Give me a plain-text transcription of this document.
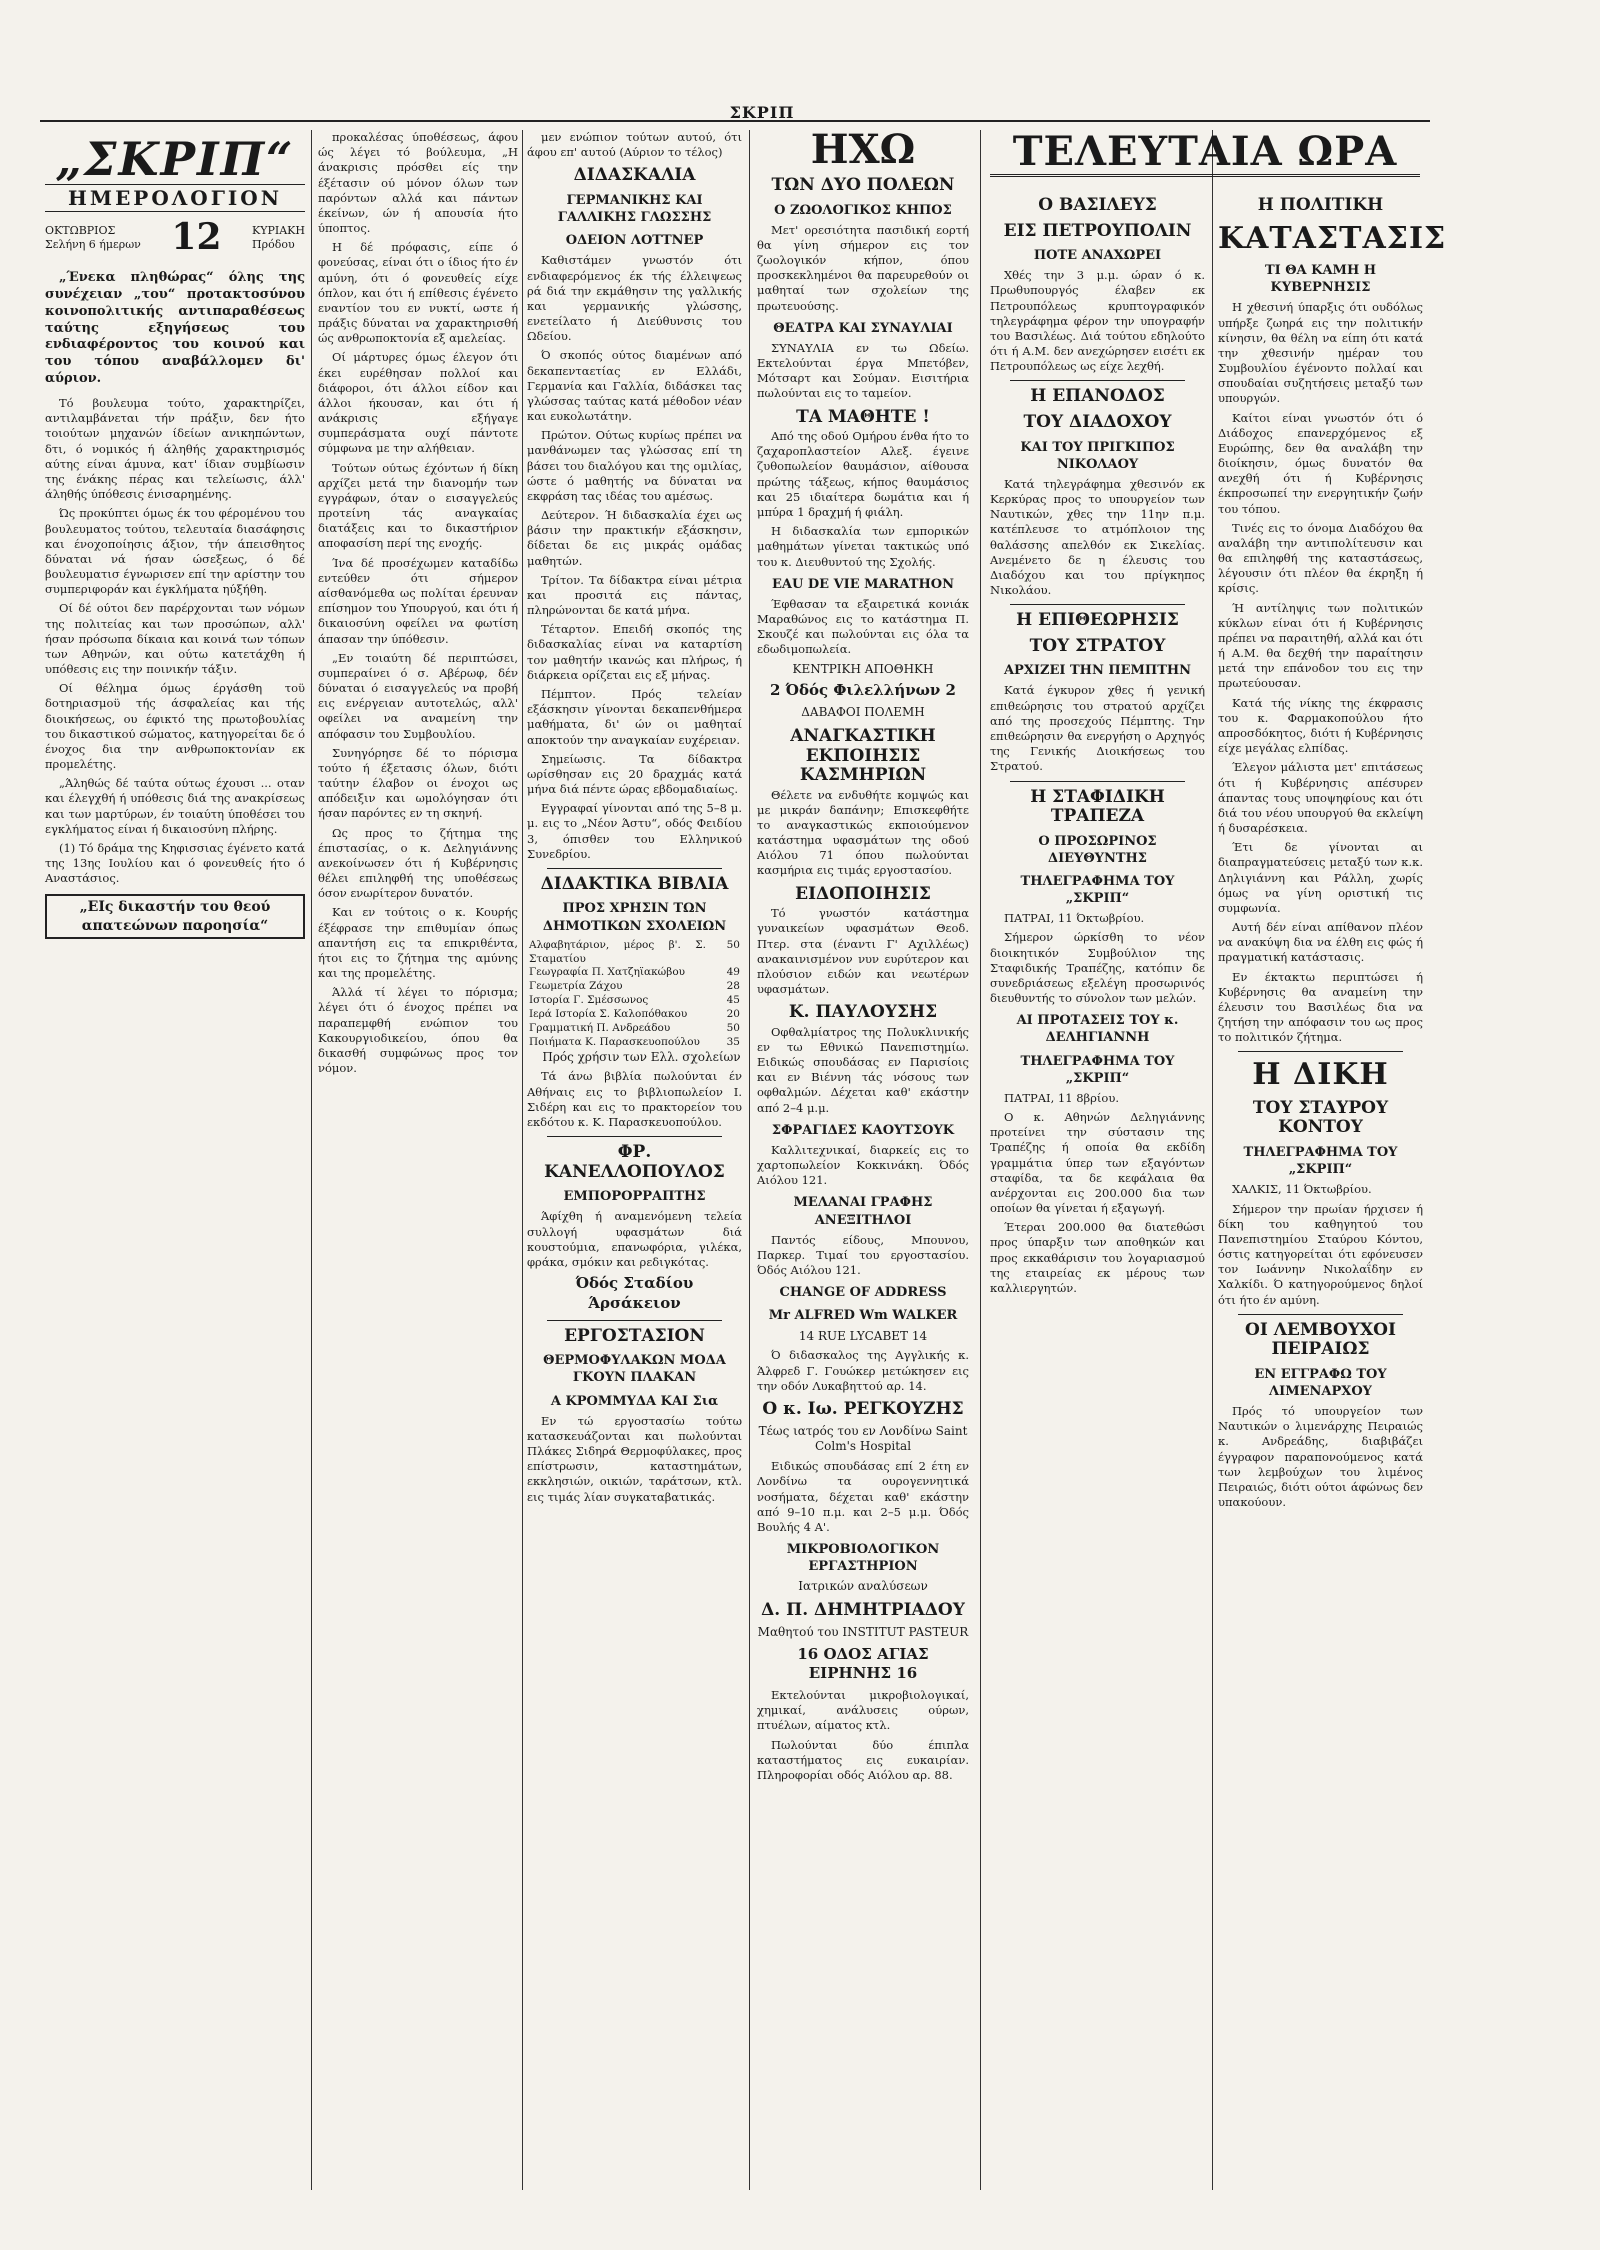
ΣΚΡΙΠ
„ΣΚΡΙΠ“
ΗΜΕΡΟΛΟΓΙΟΝ
ΟΚΤΩΒΡΙΟΣ
Σελήνη 6 ήμερων 12	ΚΥΡΙΑΚΗ
Πρόδου
„Ένεκα πληθώρας“ όλης της συνέχειαν „του“ προτακτοσύνου κοινοπολιτικής αντιπαραθέσεως ταύτης εξηγήσεως του ενδιαφέροντος του κοινού και του τόπου αναβάλλομεν δι' αύριον.

Τό βουλευμα τούτο, χαρακτηρίζει, αντιλαμβάνεται τήν πράξιν, δεν ήτο τοιούτων μηχανών ίδείων ανικηπώντων, δτι, ό νομικός ή άληθής χαρακτηρισμός αύτης είναι άμυνα, κατ' ίδιαν συμβίωσιν της ένάκης πέρας και τελείωσις, άλλ' άληθής ύπόθεσις ένισαρημένης.

Ώς προκύπτει όμως έκ του φέρομένου του βουλευματος τούτου, τελευταία διασάφησις και ένοχοποίησις άξιον, τήν άπεισθητος δύναται νά ήσαν ώσεξεως, ό δέ βουλευματισ έγνωρισεν επί την αρίστην του συμπεριφοράν και έγκλήματα ηύξήθη.

Οί δέ ούτοι δεν παρέρχονται των νόμων της πολιτείας και των προσώπων, αλλ' ήσαν πρόσωπα δίκαια και κοινά των τόπων των Αθηνών, και ούτω κατετάχθη ή υπόθεσις εις την ποινικήν τάξιν.

Οί θέλημα όμως έργάσθη τοϋ δοτηριασμοϋ τής άσφαλείας και τής διοικήσεως, ου έφικτό της πρωτοβουλίας του δικαστικού σώματος, κατηγορείται δε ό ένοχος δια την ανθρωποκτονίαν εκ προμελέτης.

„Άληθώς δέ ταύτα ούτως έχουσι ... οταν και έλεγχθή ή υπόθεσις διά της ανακρίσεως και των μαρτύρων, έν τοιαύτη ύποθέσει του εγκλήματος είναι ή δικαιοσύνη πλήρης.

(1) Τό δράμα της Κηφισσιας έγένετο κατά της 13ης Ιουλίου και ό φονευθείς ήτο ό Αναστάσιος.

„ΕΙς δικαστήν του θεού απατεώνων παροησία“

προκαλέσας ύποθέσεως, άφου ώς λέγει τό βούλευμα, „Η άνακρισις πρόσθει είς την έξέτασιν ού μόνον όλων των παρόντων αλλά και πάντων έκείνων, ών ή απουσία ήτο ύποπτος.

Η δέ πρόφασις, είπε ό φονεύσας, είναι ότι ο ίδιος ήτο έν αμύνη, ότι ό φονευθείς είχε όπλον, και ότι ή επίθεσις έγένετο εναντίον του εν νυκτί, ωστε ή πράξις δύναται να χαρακτηρισθή ώς ανθρωποκτονία εξ αμελείας.

Οί μάρτυρες όμως έλεγον ότι έκει ευρέθησαν πολλοί και διάφοροι, ότι άλλοι είδον και άλλοι ήκουσαν, και ότι ή ανάκρισις εξήγαγε συμπεράσματα ουχί πάντοτε σύμφωνα με την αλήθειαν.

Τούτων ούτως έχόντων ή δίκη αρχίζει μετά την διανομήν των εγγράφων, όταν ο εισαγγελεύς προτείνη τάς αναγκαίας διατάξεις και το δικαστήριον αποφασίση περί της ενοχής.

Ίνα δέ προσέχωμεν καταδίδω εντεύθεν ότι σήμερον αίσθανόμεθα ως πολίται έρευναν επίσημον του Υπουργού, και ότι ή δικαιοσύνη οφείλει να φωτίση άπασαν την ύπόθεσιν.

„Εν τοιαύτη δέ περιπτώσει, συμπεραίνει ό σ. Αβέρωφ, δέν δύναται ό εισαγγελεύς να προβή εις ενέργειαν αυτοτελώς, αλλ' οφείλει να αναμείνη την απόφασιν του Συμβουλίου.

Συνηγόρησε δέ το πόρισμα τούτο ή έξετασις όλων, διότι ταύτην έλαβον οι ένοχοι ως απόδειξιν και ωμολόγησαν ότι ήσαν παρόντες εν τη σκηνή.

Ως προς το ζήτημα της έπιστασίας, ο κ. Δεληγιάννης ανεκοίνωσεν ότι ή Κυβέρνησις θέλει επιληφθή της υποθέσεως όσον ενωρίτερον δυνατόν.

Και εν τούτοις ο κ. Κουρής έξέφρασε την επιθυμίαν όπως απαντήση εις τα επικριθέντα, ήτοι εις το ζήτημα της αμύνης και της προμελέτης.

Άλλά τί λέγει το πόρισμα; λέγει ότι ό ένοχος πρέπει να παραπεμφθή ενώπιον του Κακουργιοδικείου, όπου θα δικασθή συμφώνως προς τον νόμον.

μεν ενώπιον τούτων αυτού, ότι άφου επ' αυτού (Αύριον το τέλος)

ΔΙΔΑΣΚΑΛΙΑ
ΓΕΡΜΑΝΙΚΗΣ ΚΑΙ ΓΑΛΛΙΚΗΣ ΓΛΩΣΣΗΣ
ΟΔΕΙΟΝ ΛΟΤΤΝΕΡ

Καθιστάμεν γνωστόν ότι ενδιαφερόμενος έκ τής έλλειψεως ρά διά την εκμάθησιν της γαλλικής και γερμανικής γλώσσης, ενετείλατο ή Διεύθυνσις του Ωδείου.

Ό σκοπός ούτος διαμένων από δεκαπενταετίας εν Ελλάδι, Γερμανία και Γαλλία, διδάσκει τας γλώσσας ταύτας κατά μέθοδον νέαν και ευκολωτάτην.

Πρώτον. Ούτως κυρίως πρέπει να μανθάνωμεν τας γλώσσας επί τη βάσει του διαλόγου και της ομιλίας, ώστε ό μαθητής να δύναται να εκφράση τας ιδέας του αμέσως.

Δεύτερον. Ή διδασκαλία έχει ως βάσιν την πρακτικήν εξάσκησιν, δίδεται δε εις μικράς ομάδας μαθητών.

Τρίτον. Τα δίδακτρα είναι μέτρια και προσιτά εις πάντας, πληρώνονται δε κατά μήνα.

Τέταρτον. Επειδή σκοπός της διδασκαλίας είναι να καταρτίση τον μαθητήν ικανώς και πλήρως, ή διάρκεια ορίζεται εις εξ μήνας.

Πέμπτον. Πρός τελείαν εξάσκησιν γίνονται δεκαπενθήμερα μαθήματα, δι' ών οι μαθηταί αποκτούν την αναγκαίαν ευχέρειαν.

Σημείωσις. Τα δίδακτρα ωρίσθησαν εις 20 δραχμάς κατά μήνα διά πέντε ώρας εβδομαδιαίως.

Εγγραφαί γίνονται από της 5–8 μ. μ. εις το „Νέον Άστυ“, οδός Φειδίου 3, όπισθεν του Ελληνικού Συνεδρίου.

ΔΙΔΑΚΤΙΚΑ ΒΙΒΛΙΑ
ΠΡΟΣ ΧΡΗΣΙΝ ΤΩΝ ΔΗΜΟΤΙΚΩΝ ΣΧΟΛΕΙΩΝ
Αλφαβητάριον, μέρος β'. Σ. Σταματίου	50
Γεωγραφία Π. Χατζηϊακώβου	49
Γεωμετρία Ζάχου	28
Ιστορία Γ. Σμέσσωνος	45
Ιερά Ιστορία Σ. Καλοπόθακου	20
Γραμματική Π. Ανδρεάδου	50
Ποιήματα Κ. Παρασκευοπούλου	35

Πρός χρήσιν των Ελλ. σχολείων

Τά άνω βιβλία πωλούνται έν Αθήναις εις το βιβλιοπωλείον Ι. Σιδέρη και εις το πρακτορείον του εκδότου κ. Κ. Παρασκευοπούλου.

ΦΡ. ΚΑΝΕΛΛΟΠΟΥΛΟΣ
ΕΜΠΟΡΟΡΡΑΠΤΗΣ

Άφίχθη ή αναμενόμενη τελεία συλλογή υφασμάτων διά κουστούμια, επανωφόρια, γιλέκα, φράκα, σμόκιν και ρεδιγκότας.

Όδός Σταδίου Άρσάκειον
ΕΡΓΟΣΤΑΣΙΟΝ
ΘΕΡΜΟΦΥΛΑΚΩΝ ΜΟΔΑ ΓΚΟΥΝ ΠΛΑΚΑΝ
Α ΚΡΟΜΜΥΔΑ ΚΑΙ Σια

Εν τώ εργοστασίω τούτω κατασκευάζονται και πωλούνται Πλάκες Σιδηρά Θερμοφύλακες, προς επίστρωσιν, καταστημάτων, εκκλησιών, οικιών, ταράτσων, κτλ. εις τιμάς λίαν συγκαταβατικάς.

ΗΧΩ
ΤΩΝ ΔΥΟ ΠΟΛΕΩΝ
Ο ΖΩΟΛΟΓΙΚΟΣ ΚΗΠΟΣ

Μετ' ορεσιότητα πασιδική εορτή θα γίνη σήμερον εις τον ζωολογικόν κήπον, όπου προσκεκλημένοι θα παρευρεθούν οι μαθηταί των σχολείων της πρωτευούσης.

ΘΕΑΤΡΑ ΚΑΙ ΣΥΝΑΥΛΙΑΙ

ΣΥΝΑΥΛΙΑ εν τω Ωδείω. Εκτελούνται έργα Μπετόβεν, Μότσαρτ και Σούμαν. Εισιτήρια πωλούνται εις το ταμείον.

ΤΑ ΜΑΘΗΤΕ !

Από της οδού Ομήρου ένθα ήτο το ζαχαροπλαστείον Αλεξ. έγεινε ζυθοπωλείον θαυμάσιον, αίθουσα πρώτης τάξεως, κήπος θαυμάσιος και 25 ιδιαίτερα δωμάτια και ή μπύρα 1 δραχμή ή φιάλη.

Η διδασκαλία των εμπορικών μαθημάτων γίνεται τακτικώς υπό του κ. Διευθυντού της Σχολής.

EAU DE VIE MARATHON

Έφθασαν τα εξαιρετικά κονιάκ Μαραθώνος εις το κατάστημα Π. Σκουζέ και πωλούνται εις όλα τα εδωδιμοπωλεία.

ΚΕΝΤΡΙΚΗ ΑΠΟΘΗΚΗ
2 Όδός Φιλελλήνων 2
ΔΑΒΑΦΟΙ ΠΟΛΕΜΗ
ΑΝΑΓΚΑΣΤΙΚΗ ΕΚΠΟΙΗΣΙΣ ΚΑΣΜΗΡΙΩΝ

Θέλετε να ενδυθήτε κομψώς και με μικράν δαπάνην; Επισκεφθήτε το αναγκαστικώς εκποιούμενον κατάστημα υφασμάτων της οδού Αιόλου 71 όπου πωλούνται κασμήρια εις τιμάς εργοστασίου.

ΕΙΔΟΠΟΙΗΣΙΣ

Τό γνωστόν κατάστημα γυναικείων υφασμάτων Θεοδ. Πτερ. στα (έναντι Γ' Αχιλλέως) ανακαινισμένον νυν ευρύτερον και πλούσιον ειδών και νεωτέρων υφασμάτων.

Κ. ΠΑΥΛΟΥΣΗΣ

Οφθαλμίατρος της Πολυκλινικής εν τω Εθνικώ Πανεπιστημίω. Ειδικώς σπουδάσας εν Παρισίοις και εν Βιέννη τάς νόσους των οφθαλμών. Δέχεται καθ' εκάστην από 2–4 μ.μ.

ΣΦΡΑΓΙΔΕΣ ΚΑΟΥΤΣΟΥΚ

Καλλιτεχνικαί, διαρκείς εις το χαρτοπωλείον Κοκκινάκη. Όδός Αιόλου 121.

ΜΕΛΑΝΑΙ ΓΡΑΦΗΣ ΑΝΕΞΙΤΗΛΟΙ

Παντός είδους, Μπουνου, Παρκερ. Τιμαί του εργοστασίου. Όδός Αιόλου 121.

CHANGE OF ADDRESS
Mr ALFRED Wm WALKER
14 RUE LYCABET 14

Ό διδασκαλος της Αγγλικής κ. Άλφρεδ Γ. Γουώκερ μετώκησεν εις την οδόν Λυκαβηττού αρ. 14.

Ο κ. Ιω. ΡΕΓΚΟΥΖΗΣ
Τέως ιατρός του εν Λονδίνω Saint Colm's Hospital

Ειδικώς σπουδάσας επί 2 έτη εν Λονδίνω τα ουρογεννητικά νοσήματα, δέχεται καθ' εκάστην από 9–10 π.μ. και 2–5 μ.μ. Όδός Βουλής 4 Α'.

ΜΙΚΡΟΒΙΟΛΟΓΙΚΟΝ ΕΡΓΑΣΤΗΡΙΟΝ
Ιατρικών αναλύσεων
Δ. Π. ΔΗΜΗΤΡΙΑΔΟΥ
Μαθητού του INSTITUT PASTEUR
16 ΟΔΟΣ ΑΓΙΑΣ ΕΙΡΗΝΗΣ 16

Εκτελούνται μικροβιολογικαί, χημικαί, ανάλυσεις ούρων, πτυέλων, αίματος κτλ.

Πωλούνται δύο έπιπλα καταστήματος εις ευκαιρίαν. Πληροφορίαι οδός Αιόλου αρ. 88.

ΤΕΛΕΥΤΑΙΑ ΩΡΑ
Ο ΒΑΣΙΛΕΥΣ
ΕΙΣ ΠΕΤΡΟΥΠΟΛΙΝ
ΠΟΤΕ ΑΝΑΧΩΡΕΙ

Χθές την 3 μ.μ. ώραν ό κ. Πρωθυπουργός έλαβεν εκ Πετρουπόλεως κρυπτογραφικόν τηλεγράφημα φέρον την υπογραφήν του Βασιλέως. Διά τούτου εδηλούτο ότι ή Α.Μ. δεν ανεχώρησεν εισέτι εκ Πετρουπόλεως ως είχε λεχθή.

Η ΕΠΑΝΟΔΟΣ
ΤΟΥ ΔΙΑΔΟΧΟΥ
ΚΑΙ ΤΟΥ ΠΡΙΓΚΙΠΟΣ ΝΙΚΟΛΑΟΥ

Κατά τηλεγράφημα χθεσινόν εκ Κερκύρας προς το υπουργείον των Ναυτικών, χθες την 11ην π.μ. κατέπλευσε το ατμόπλοιον της θαλάσσης απελθόν εκ Σικελίας. Ανεμένετο δε η έλευσις του Διαδόχου και του πρίγκηπος Νικολάου.

Η ΕΠΙΘΕΩΡΗΣΙΣ
ΤΟΥ ΣΤΡΑΤΟΥ
ΑΡΧΙΖΕΙ ΤΗΝ ΠΕΜΠΤΗΝ

Κατά έγκυρον χθες ή γενική επιθεώρησις του στρατού αρχίζει από της προσεχούς Πέμπτης. Την επιθεώρησιν θα ενεργήση ο Αρχηγός της Γενικής Διοικήσεως του Στρατού.

Η ΣΤΑΦΙΔΙΚΗ ΤΡΑΠΕΖΑ
Ο ΠΡΟΣΩΡΙΝΟΣ ΔΙΕΥΘΥΝΤΗΣ
ΤΗΛΕΓΡΑΦΗΜΑ ΤΟΥ „ΣΚΡΙΠ“

ΠΑΤΡΑΙ, 11 Όκτωβρίου.

Σήμερον ώρκίσθη το νέον διοικητικόν Συμβούλιον της Σταφιδικής Τραπέζης, κατόπιν δε συνεδριάσεως εξελέγη προσωρινός διευθυντής το σύνολον των μελών.

ΑΙ ΠΡΟΤΑΣΕΙΣ ΤΟΥ κ. ΔΕΛΗΓΙΑΝΝΗ
ΤΗΛΕΓΡΑΦΗΜΑ ΤΟΥ „ΣΚΡΙΠ“

ΠΑΤΡΑΙ, 11 8βρίου.

Ο κ. Αθηνών Δεληγιάννης προτείνει την σύστασιν της Τραπέζης ή οποία θα εκδίδη γραμμάτια ύπερ των εξαγόντων σταφίδα, τα δε κεφάλαια θα ανέρχονται εις 200.000 δια των οποίων θα γίνεται ή εξαγωγή.

Έτεραι 200.000 θα διατεθώσι προς ύπαρξιν των αποθηκών και προς εκκαθάρισιν του λογαριασμού της εταιρείας εκ μέρους των καλλιεργητών.

Η ΠΟΛΙΤΙΚΗ
ΚΑΤΑΣΤΑΣΙΣ
ΤΙ ΘΑ ΚΑΜΗ Η ΚΥΒΕΡΝΗΣΙΣ

Η χθεσινή ύπαρξις ότι ουδόλως υπήρξε ζωηρά εις την πολιτικήν κίνησιν, θα θέλη να είπη ότι κατά την χθεσινήν ημέραν του Συμβουλίου έγένοντο πολλαί και σπουδαίαι συζητήσεις μεταξύ των υπουργών.

Καίτοι είναι γνωστόν ότι ό Διάδοχος επανερχόμενος εξ Ευρώπης, δεν θα αναλάβη την διοίκησιν, όμως δυνατόν θα ανεχθή ότι ή Κυβέρνησις έκπροσωπεί την ενεργητικήν ζωήν του τόπου.

Τινές εις το όνομα Διαδόχου θα αναλάβη την αντιπολίτευσιν και θα επιληφθή της καταστάσεως, λέγουσιν ότι πλέον θα έκρηξη ή κρίσις.

Ή αντίληψις των πολιτικών κύκλων είναι ότι ή Κυβέρνησις πρέπει να παραιτηθή, αλλά και ότι ή Α.Μ. θα δεχθή την παραίτησιν μετά την επάνοδον του εις την πρωτεύουσαν.

Κατά τής νίκης της έκφρασις του κ. Φαρμακοπούλου ήτο απροσδόκητος, διότι ή Κυβέρνησις είχε μεγάλας ελπίδας.

Έλεγον μάλιστα μετ' επιτάσεως ότι ή Κυβέρνησις απέσυρεν άπαντας τους υποψηφίους και ότι διά του νέου υπουργού θα εκλείψη ή δυσαρέσκεια.

Έτι δε γίνονται αι διαπραγματεύσεις μεταξύ των κ.κ. Δηλιγιάννη και Ράλλη, χωρίς όμως να γίνη οριστική τις συμφωνία.

Αυτή δέν είναι απίθανον πλέον να ανακύψη δια να έλθη εις φώς ή πραγματική κατάστασις.

Εν έκτακτω περιπτώσει ή Κυβέρνησις θα αναμείνη την έλευσιν του Βασιλέως δια να ζητήση την απόφασιν του ως προς το πολιτικόν ζήτημα.

Η ΔΙΚΗ
ΤΟΥ ΣΤΑΥΡΟΥ ΚΟΝΤΟΥ
ΤΗΛΕΓΡΑΦΗΜΑ ΤΟΥ „ΣΚΡΙΠ“

ΧΑΛΚΙΣ, 11 Όκτωβρίου.

Σήμερον την πρωίαν ήρχισεν ή δίκη του καθηγητού του Πανεπιστημίου Σταύρου Κόντου, όστις κατηγορείται ότι εφόνευσεν τον Ιωάννην Νικολαΐδην εν Χαλκίδι. Ό κατηγορούμενος δηλοί ότι ήτο έν αμύνη.

ΟΙ ΛΕΜΒΟΥΧΟΙ ΠΕΙΡΑΙΩΣ
ΕΝ ΕΓΓΡΑΦΩ ΤΟΥ ΛΙΜΕΝΑΡΧΟΥ

Πρός τό υπουργείον των Ναυτικών ο λιμενάρχης Πειραιώς κ. Ανδρεάδης, διαβιβάζει έγγραφον παραπονούμενος κατά των λεμβούχων του λιμένος Πειραιώς, διότι ούτοι άφώνως δεν υπακούουν.
